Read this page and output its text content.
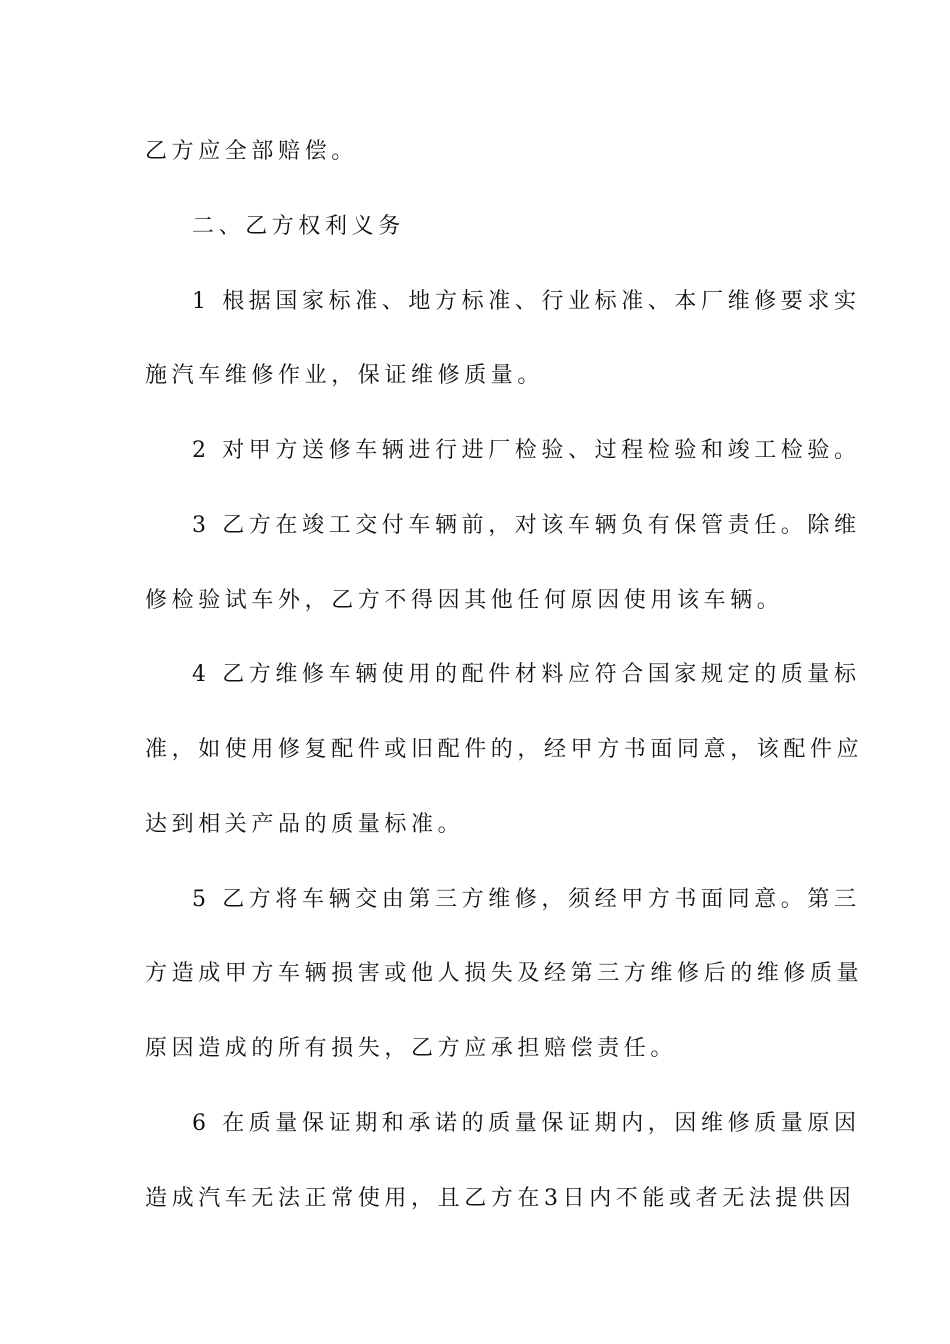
乙方应全部赔偿。
二、乙方权利义务
1 根据国家标准、地方标准、行业标准、本厂维修要求实
施汽车维修作业，保证维修质量。
2 对甲方送修车辆进行进厂检验、过程检验和竣工检验。
3 乙方在竣工交付车辆前，对该车辆负有保管责任。除维
修检验试车外，乙方不得因其他任何原因使用该车辆。
4 乙方维修车辆使用的配件材料应符合国家规定的质量标
准，如使用修复配件或旧配件的，经甲方书面同意，该配件应
达到相关产品的质量标准。
5 乙方将车辆交由第三方维修，须经甲方书面同意。第三
方造成甲方车辆损害或他人损失及经第三方维修后的维修质量
原因造成的所有损失，乙方应承担赔偿责任。
6 在质量保证期和承诺的质量保证期内，因维修质量原因
造成汽车无法正常使用，且乙方在3日内不能或者无法提供因
